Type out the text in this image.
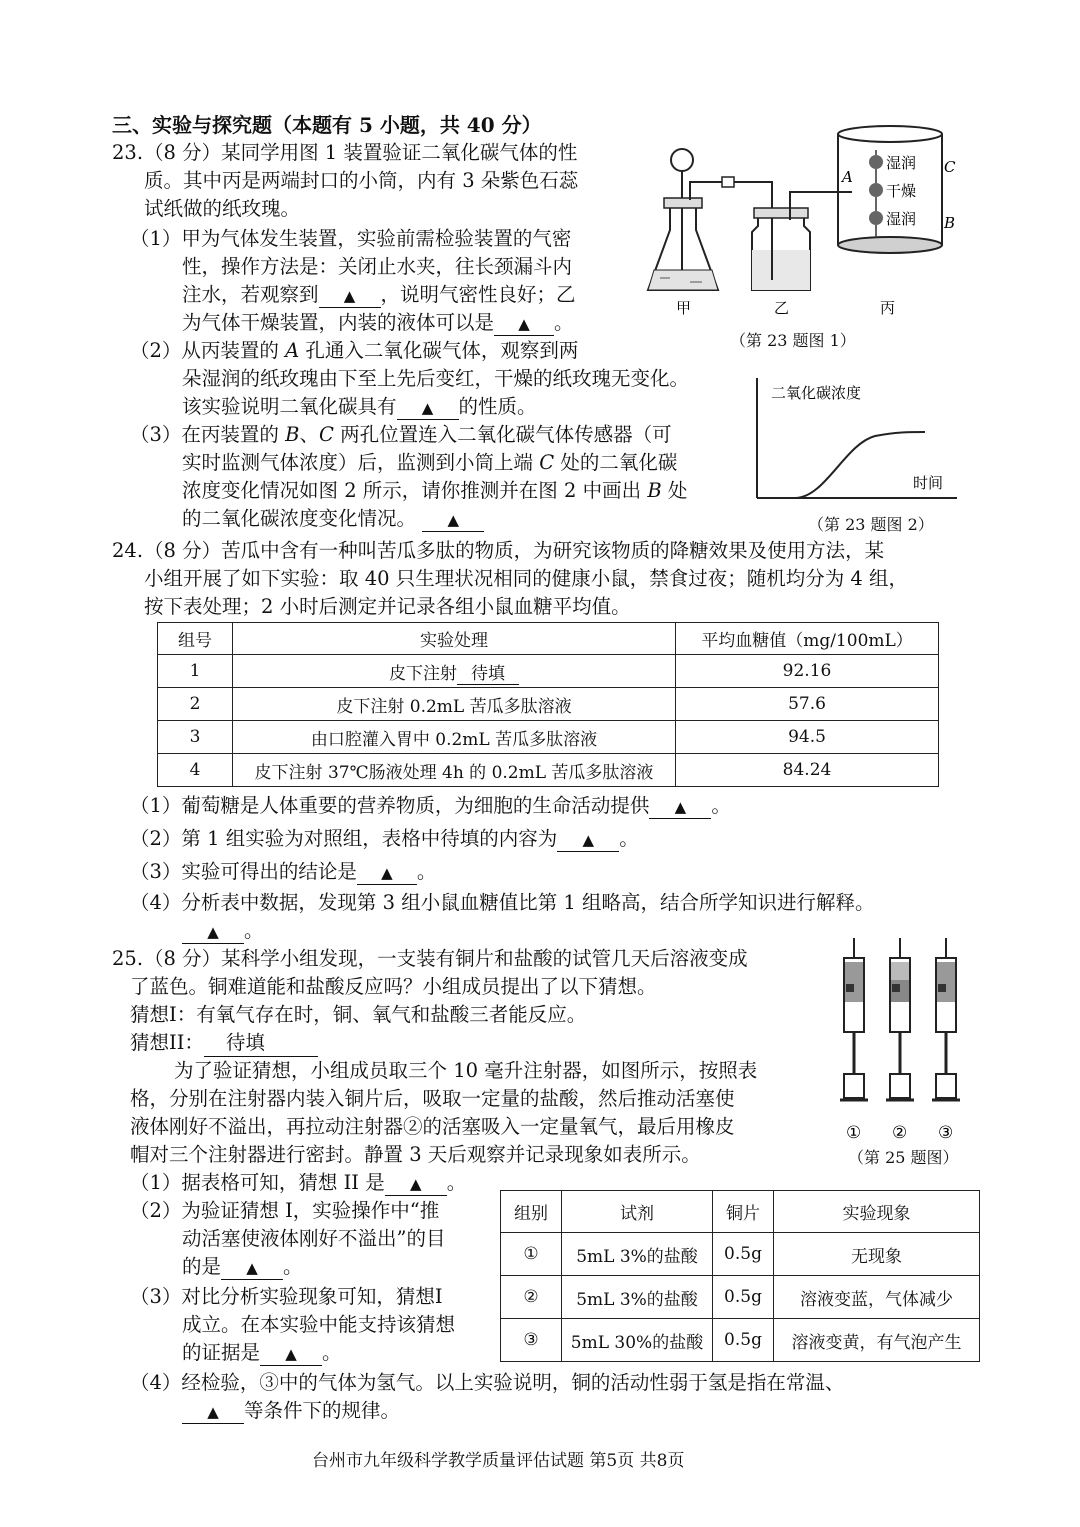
三、实验与探究题（本题有 5 小题，共 40 分）
23. （8 分）某同学用图 1 装置验证二氧化碳气体的性
质。其中丙是两端封口的小筒，内有 3 朵紫色石蕊
试纸做的纸玫瑰。
（1）甲为气体发生装置，实验前需检验装置的气密
性，操作方法是：关闭止水夹，往长颈漏斗内
注水，若观察到 ▲ ，说明气密性良好；乙
为气体干燥装置，内装的液体可以是 ▲ 。
（2）从丙装置的 A 孔通入二氧化碳气体，观察到两
朵湿润的纸玫瑰由下至上先后变红，干燥的纸玫瑰无变化。
该实验说明二氧化碳具有 ▲ 的性质。
（3）在丙装置的 B、C 两孔位置连入二氧化碳气体传感器（可
实时监测气体浓度）后，监测到小筒上端 C 处的二氧化碳
浓度变化情况如图 2 所示，请你推测并在图 2 中画出 B 处
的二氧化碳浓度变化情况。 ▲
湿润
干燥
湿润
A
B
C
甲	乙	丙
（第 23 题图 1）
二氧化碳浓度
时间
（第 23 题图 2）
24. （8 分）苦瓜中含有一种叫苦瓜多肽的物质，为研究该物质的降糖效果及使用方法，某
小组开展了如下实验：取 40 只生理状况相同的健康小鼠，禁食过夜；随机均分为 4 组，
按下表处理；2 小时后测定并记录各组小鼠血糖平均值。
组号	实验处理	平均血糖值（mg/100mL）
1	皮下注射 待填	92.16
2	皮下注射 0.2mL 苦瓜多肽溶液	57.6
3	由口腔灌入胃中 0.2mL 苦瓜多肽溶液	94.5
4	皮下注射 37℃肠液处理 4h 的 0.2mL 苦瓜多肽溶液	84.24
（1）葡萄糖是人体重要的营养物质，为细胞的生命活动提供 ▲ 。
（2）第 1 组实验为对照组，表格中待填的内容为 ▲ 。
（3）实验可得出的结论是 ▲ 。
（4）分析表中数据，发现第 3 组小鼠血糖值比第 1 组略高，结合所学知识进行解释。
▲ 。
25. （8 分）某科学小组发现，一支装有铜片和盐酸的试管几天后溶液变成
了蓝色。铜难道能和盐酸反应吗？小组成员提出了以下猜想。
猜想I：有氧气存在时，铜、氧气和盐酸三者能反应。
猜想II： 待填
为了验证猜想，小组成员取三个 10 毫升注射器，如图所示，按照表
格，分别在注射器内装入铜片后，吸取一定量的盐酸，然后推动活塞使
液体刚好不溢出，再拉动注射器②的活塞吸入一定量氧气，最后用橡皮
帽对三个注射器进行密封。静置 3 天后观察并记录现象如表所示。
① ② ③
（第 25 题图）
（1）据表格可知，猜想 II 是 ▲ 。
（2）为验证猜想 I，实验操作中“推
动活塞使液体刚好不溢出”的目
的是 ▲ 。
（3）对比分析实验现象可知，猜想I
成立。在本实验中能支持该猜想
的证据是 ▲ 。
组别	试剂	铜片	实验现象
①	5mL 3%的盐酸	0.5g	无现象
②	5mL 3%的盐酸	0.5g	溶液变蓝，气体减少
③	5mL 30%的盐酸	0.5g	溶液变黄，有气泡产生
（4）经检验，③中的气体为氢气。以上实验说明，铜的活动性弱于氢是指在常温、
▲ 等条件下的规律。
台州市九年级科学教学质量评估试题 第5页 共8页
